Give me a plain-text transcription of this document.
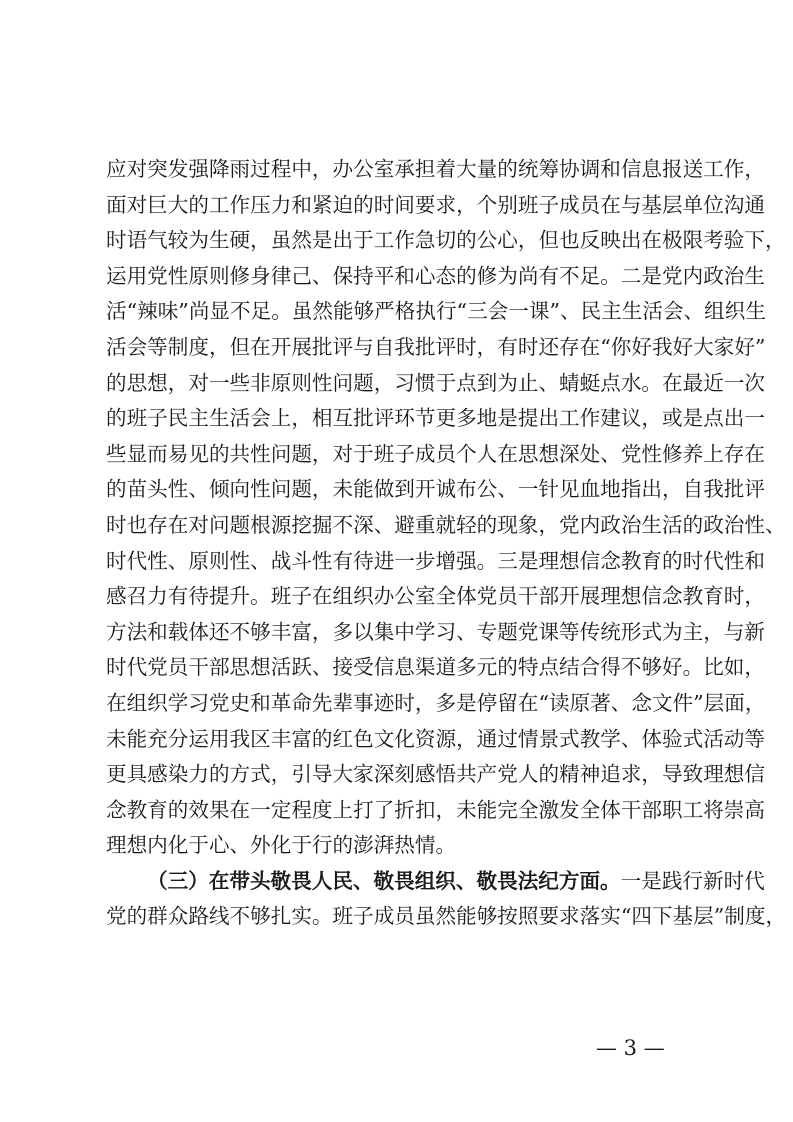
应对突发强降雨过程中，办公室承担着大量的统筹协调和信息报送工作，
面对巨大的工作压力和紧迫的时间要求，个别班子成员在与基层单位沟通
时语气较为生硬，虽然是出于工作急切的公心，但也反映出在极限考验下，
运用党性原则修身律己、保持平和心态的修为尚有不足。二是党内政治生
活“辣味”尚显不足。虽然能够严格执行“三会一课”、民主生活会、组织生
活会等制度，但在开展批评与自我批评时，有时还存在“你好我好大家好”
的思想，对一些非原则性问题，习惯于点到为止、蜻蜓点水。在最近一次
的班子民主生活会上，相互批评环节更多地是提出工作建议，或是点出一
些显而易见的共性问题，对于班子成员个人在思想深处、党性修养上存在
的苗头性、倾向性问题，未能做到开诚布公、一针见血地指出，自我批评
时也存在对问题根源挖掘不深、避重就轻的现象，党内政治生活的政治性、
时代性、原则性、战斗性有待进一步增强。三是理想信念教育的时代性和
感召力有待提升。班子在组织办公室全体党员干部开展理想信念教育时，
方法和载体还不够丰富，多以集中学习、专题党课等传统形式为主，与新
时代党员干部思想活跃、接受信息渠道多元的特点结合得不够好。比如，
在组织学习党史和革命先辈事迹时，多是停留在“读原著、念文件”层面，
未能充分运用我区丰富的红色文化资源，通过情景式教学、体验式活动等
更具感染力的方式，引导大家深刻感悟共产党人的精神追求，导致理想信
念教育的效果在一定程度上打了折扣，未能完全激发全体干部职工将崇高
理想内化于心、外化于行的澎湃热情。
（三）在带头敬畏人民、敬畏组织、敬畏法纪方面。一是践行新时代
党的群众路线不够扎实。班子成员虽然能够按照要求落实“四下基层”制度，
— 3 —
